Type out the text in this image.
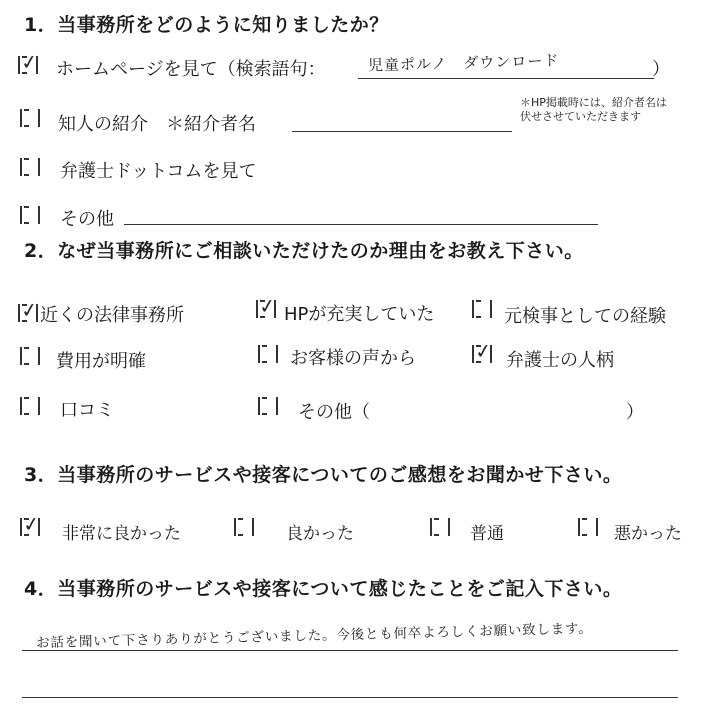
1．当事務所をどのように知りましたか？
✓ ホームページを見て（検索語句：	児童ポルノ　ダウンロード	）
知人の紹介　＊紹介者名
＊HP掲載時には、紹介者名は
伏せさせていただきます
弁護士ドットコムを見て
その他
2．なぜ当事務所にご相談いただけたのか理由をお教え下さい。
✓ 近くの法律事務所	✓ HPが充実していた	元検事としての経験
費用が明確	お客様の声から	✓ 弁護士の人柄
口コミ	その他（	）
3．当事務所のサービスや接客についてのご感想をお聞かせ下さい。
✓ 非常に良かった	良かった	普通	悪かった
4．当事務所のサービスや接客について感じたことをご記入下さい。
お話を聞いて下さりありがとうございました。今後とも何卒よろしくお願い致します。
